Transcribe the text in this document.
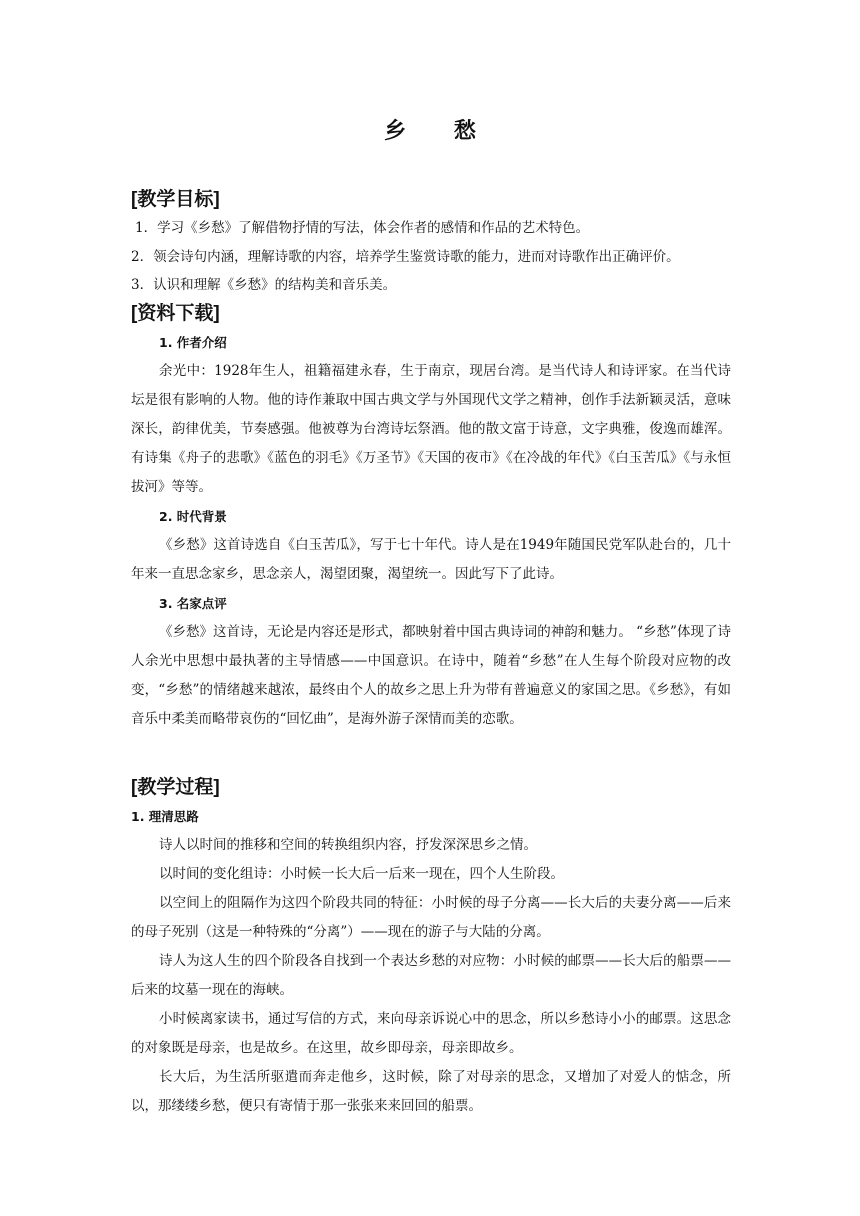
乡 愁
[教学目标]
1．学习《乡愁》了解借物抒情的写法，体会作者的感情和作品的艺术特色。
2．领会诗句内涵，理解诗歌的内容，培养学生鉴赏诗歌的能力，进而对诗歌作出正确评价。
3．认识和理解《乡愁》的结构美和音乐美。
[资料下载]
1. 作者介绍
余光中：1928年生人，祖籍福建永春，生于南京，现居台湾。是当代诗人和诗评家。在当代诗坛是很有影响的人物。他的诗作兼取中国古典文学与外国现代文学之精神，创作手法新颖灵活，意味深长，韵律优美，节奏感强。他被尊为台湾诗坛祭酒。他的散文富于诗意，文字典雅，俊逸而雄浑。有诗集《舟子的悲歌》《蓝色的羽毛》《万圣节》《天国的夜市》《在冷战的年代》《白玉苦瓜》《与永恒拔河》等等。
2. 时代背景
《乡愁》这首诗选自《白玉苦瓜》，写于七十年代。诗人是在1949年随国民党军队赴台的，几十年来一直思念家乡，思念亲人，渴望团聚，渴望统一。因此写下了此诗。
3. 名家点评
《乡愁》这首诗，无论是内容还是形式，都映射着中国古典诗词的神韵和魅力。 “乡愁”体现了诗人余光中思想中最执著的主导情感——中国意识。在诗中，随着“乡愁”在人生每个阶段对应物的改变，“乡愁”的情绪越来越浓，最终由个人的故乡之思上升为带有普遍意义的家国之思。《乡愁》，有如音乐中柔美而略带哀伤的“回忆曲”，是海外游子深情而美的恋歌。
[教学过程]
1. 理清思路
诗人以时间的推移和空间的转换组织内容，抒发深深思乡之情。
以时间的变化组诗：小时候一长大后一后来一现在，四个人生阶段。
以空间上的阻隔作为这四个阶段共同的特征：小时候的母子分离——长大后的夫妻分离——后来的母子死别（这是一种特殊的“分离”）——现在的游子与大陆的分离。
诗人为这人生的四个阶段各自找到一个表达乡愁的对应物：小时候的邮票——长大后的船票——后来的坟墓一现在的海峡。
小时候离家读书，通过写信的方式，来向母亲诉说心中的思念，所以乡愁诗小小的邮票。这思念的对象既是母亲，也是故乡。在这里，故乡即母亲，母亲即故乡。
长大后，为生活所驱遣而奔走他乡，这时候，除了对母亲的思念，又增加了对爱人的惦念，所以，那缕缕乡愁，便只有寄情于那一张张来来回回的船票。
